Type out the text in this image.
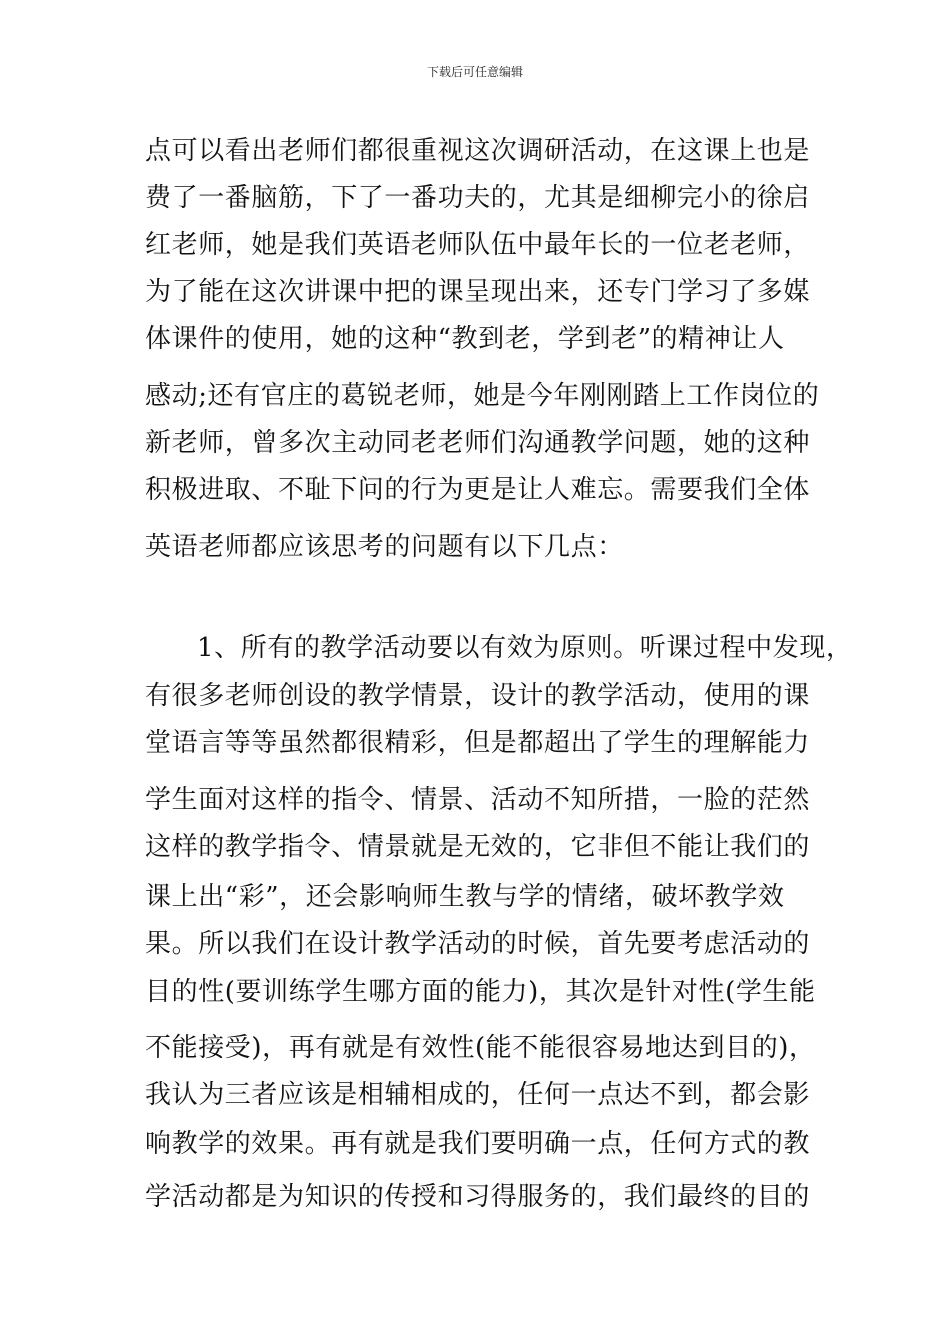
下载后可任意编辑
点可以看出老师们都很重视这次调研活动，在这课上也是
费了一番脑筋，下了一番功夫的，尤其是细柳完小的徐启
红老师，她是我们英语老师队伍中最年长的一位老老师，
为了能在这次讲课中把的课呈现出来，还专门学习了多媒
体课件的使用，她的这种“教到老，学到老”的精神让人
感动;还有官庄的葛锐老师，她是今年刚刚踏上工作岗位的
新老师，曾多次主动同老老师们沟通教学问题，她的这种
积极进取、不耻下问的行为更是让人难忘。需要我们全体
英语老师都应该思考的问题有以下几点：
1、所有的教学活动要以有效为原则。听课过程中发现，
有很多老师创设的教学情景，设计的教学活动，使用的课
堂语言等等虽然都很精彩，但是都超出了学生的理解能力
学生面对这样的指令、情景、活动不知所措，一脸的茫然
这样的教学指令、情景就是无效的，它非但不能让我们的
课上出“彩”，还会影响师生教与学的情绪，破坏教学效
果。所以我们在设计教学活动的时候，首先要考虑活动的
目的性(要训练学生哪方面的能力)，其次是针对性(学生能
不能接受)，再有就是有效性(能不能很容易地达到目的)，
我认为三者应该是相辅相成的，任何一点达不到，都会影
响教学的效果。再有就是我们要明确一点，任何方式的教
学活动都是为知识的传授和习得服务的，我们最终的目的
